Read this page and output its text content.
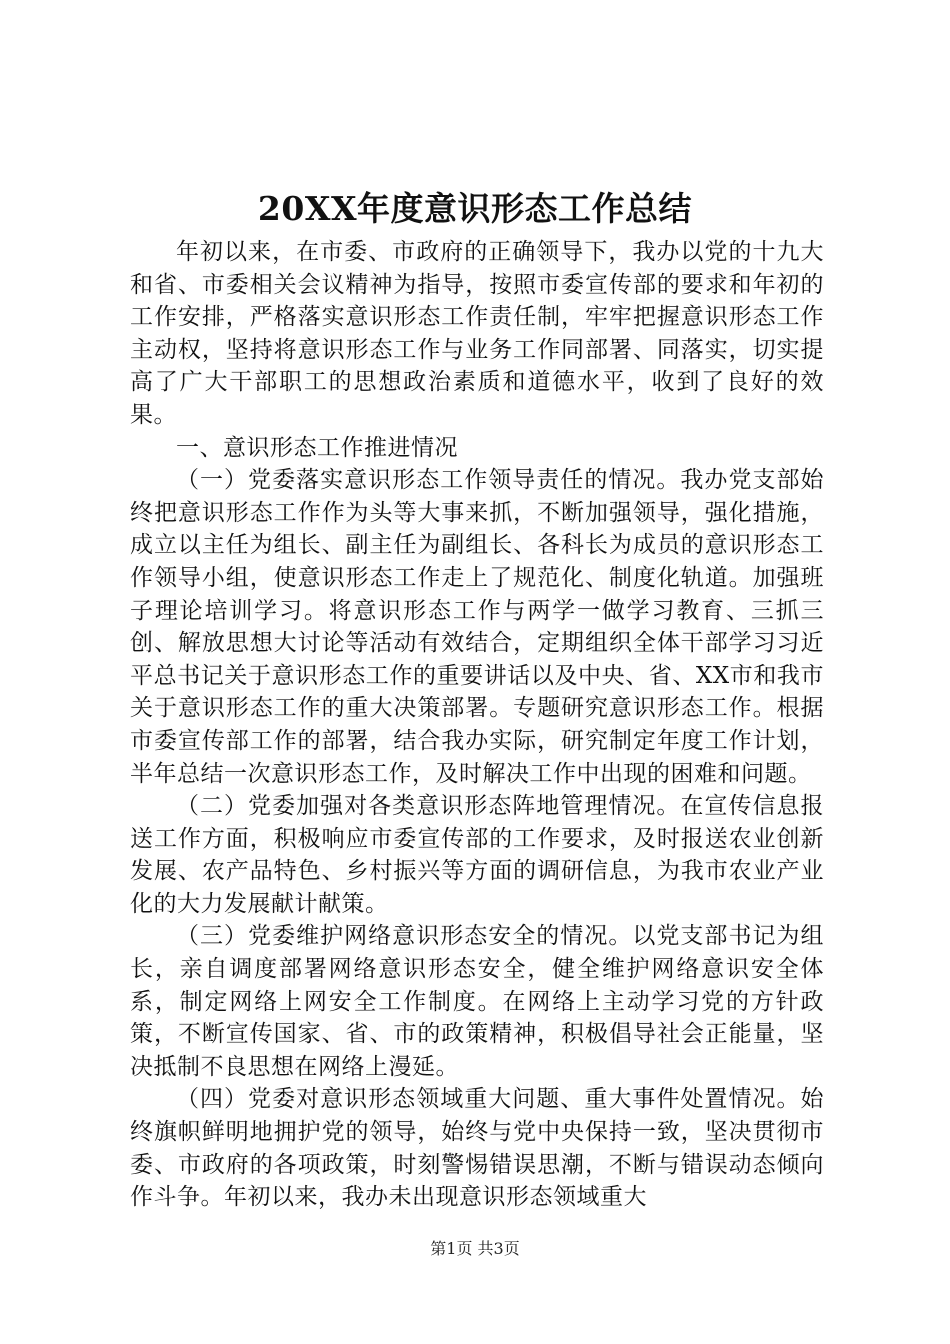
20XX年度意识形态工作总结

年初以来，在市委、市政府的正确领导下，我办以党的十九大和省、市委相关会议精神为指导，按照市委宣传部的要求和年初的工作安排，严格落实意识形态工作责任制，牢牢把握意识形态工作主动权，坚持将意识形态工作与业务工作同部署、同落实，切实提高了广大干部职工的思想政治素质和道德水平，收到了良好的效果。

一、意识形态工作推进情况

（一）党委落实意识形态工作领导责任的情况。我办党支部始终把意识形态工作作为头等大事来抓，不断加强领导，强化措施，成立以主任为组长、副主任为副组长、各科长为成员的意识形态工作领导小组，使意识形态工作走上了规范化、制度化轨道。加强班子理论培训学习。将意识形态工作与两学一做学习教育、三抓三创、解放思想大讨论等活动有效结合，定期组织全体干部学习习近平总书记关于意识形态工作的重要讲话以及中央、省、XX市和我市关于意识形态工作的重大决策部署。专题研究意识形态工作。根据市委宣传部工作的部署，结合我办实际，研究制定年度工作计划，半年总结一次意识形态工作，及时解决工作中出现的困难和问题。

（二）党委加强对各类意识形态阵地管理情况。在宣传信息报送工作方面，积极响应市委宣传部的工作要求，及时报送农业创新发展、农产品特色、乡村振兴等方面的调研信息，为我市农业产业化的大力发展献计献策。

（三）党委维护网络意识形态安全的情况。以党支部书记为组长，亲自调度部署网络意识形态安全，健全维护网络意识安全体系，制定网络上网安全工作制度。在网络上主动学习党的方针政策，不断宣传国家、省、市的政策精神，积极倡导社会正能量，坚决抵制不良思想在网络上漫延。

（四）党委对意识形态领域重大问题、重大事件处置情况。始终旗帜鲜明地拥护党的领导，始终与党中央保持一致，坚决贯彻市委、市政府的各项政策，时刻警惕错误思潮，不断与错误动态倾向作斗争。年初以来，我办未出现意识形态领域重大

第1页 共3页
